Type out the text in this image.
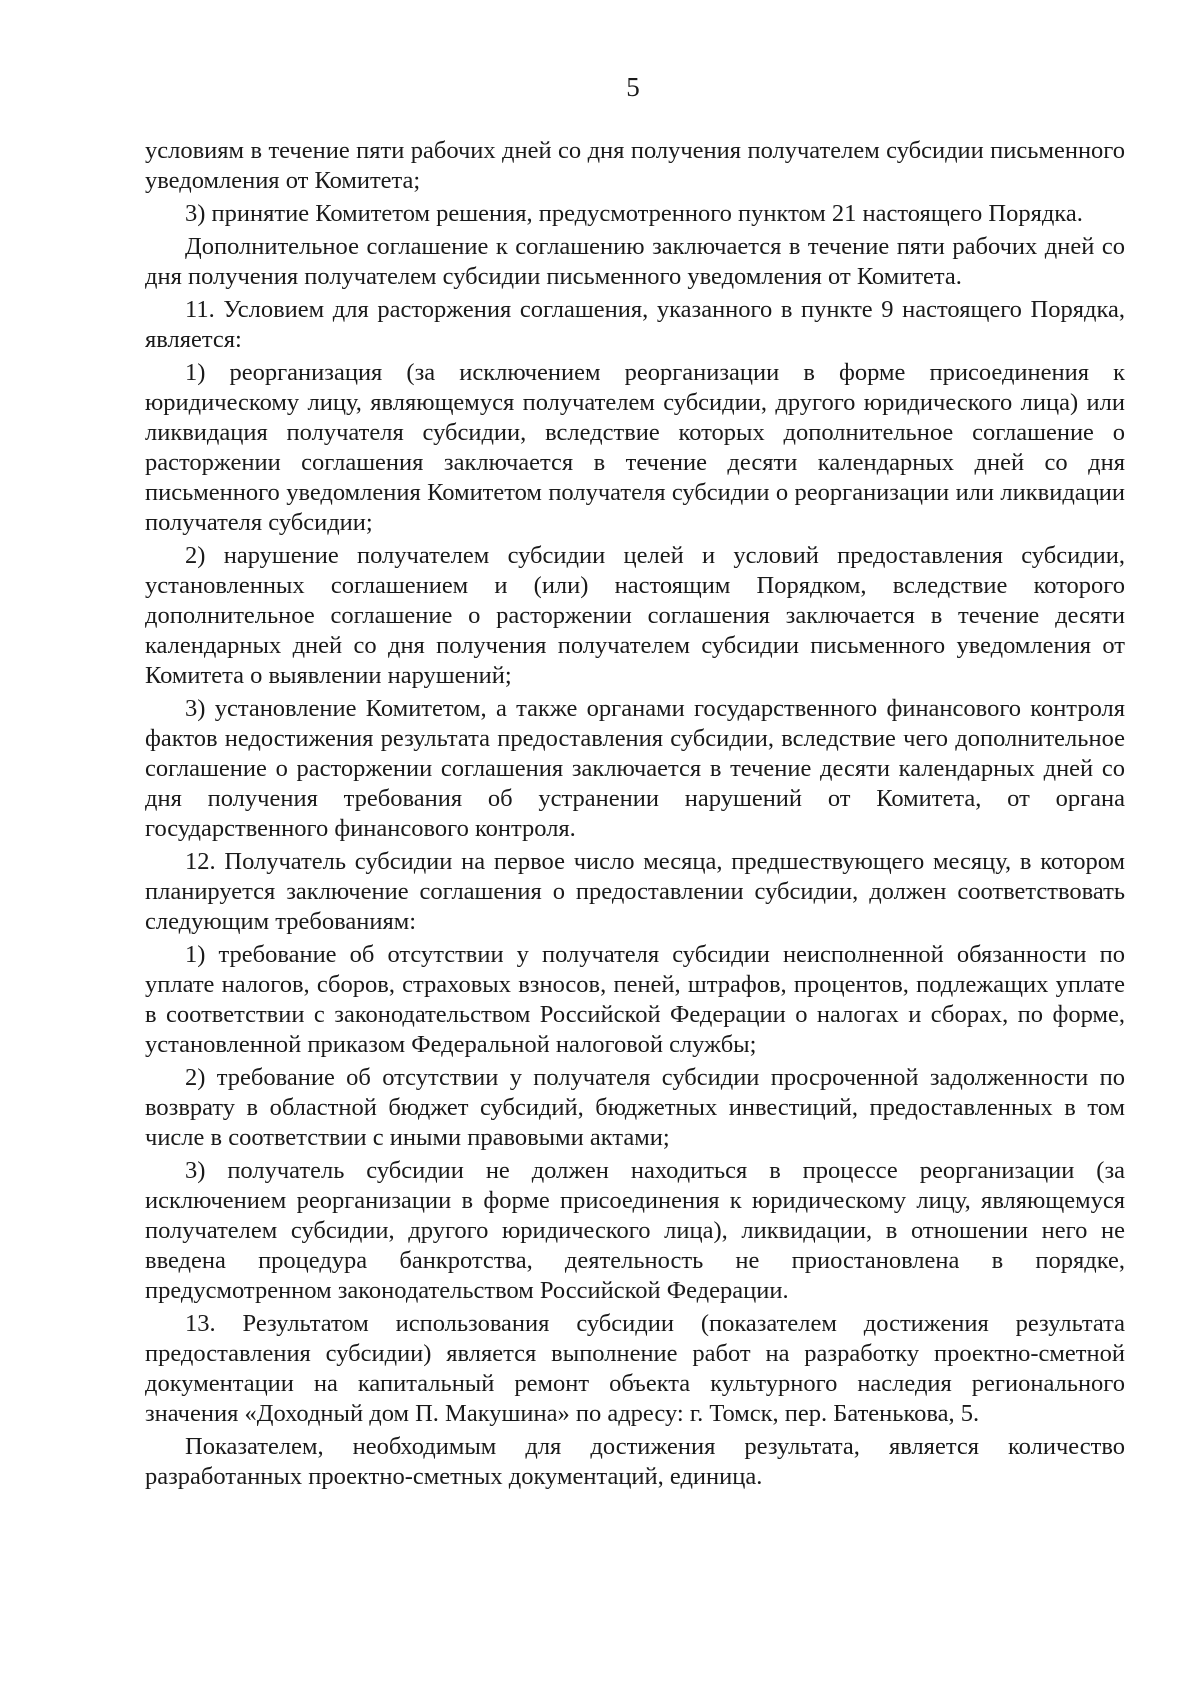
5

условиям в течение пяти рабочих дней со дня получения получателем субсидии письменного уведомления от Комитета;

3) принятие Комитетом решения, предусмотренного пунктом 21 настоящего Порядка.

Дополнительное соглашение к соглашению заключается в течение пяти рабочих дней со дня получения получателем субсидии письменного уведомления от Комитета.

11. Условием для расторжения соглашения, указанного в пункте 9 настоящего Порядка, является:

1) реорганизация (за исключением реорганизации в форме присоединения к юридическому лицу, являющемуся получателем субсидии, другого юридического лица) или ликвидация получателя субсидии, вследствие которых дополнительное соглашение о расторжении соглашения заключается в течение десяти календарных дней со дня письменного уведомления Комитетом получателя субсидии о реорганизации или ликвидации получателя субсидии;

2) нарушение получателем субсидии целей и условий предоставления субсидии, установленных соглашением и (или) настоящим Порядком, вследствие которого дополнительное соглашение о расторжении соглашения заключается в течение десяти календарных дней со дня получения получателем субсидии письменного уведомления от Комитета о выявлении нарушений;

3) установление Комитетом, а также органами государственного финансового контроля фактов недостижения результата предоставления субсидии, вследствие чего дополнительное соглашение о расторжении соглашения заключается в течение десяти календарных дней со дня получения требования об устранении нарушений от Комитета, от органа государственного финансового контроля.

12. Получатель субсидии на первое число месяца, предшествующего месяцу, в котором планируется заключение соглашения о предоставлении субсидии, должен соответствовать следующим требованиям:

1) требование об отсутствии у получателя субсидии неисполненной обязанности по уплате налогов, сборов, страховых взносов, пеней, штрафов, процентов, подлежащих уплате в соответствии с законодательством Российской Федерации о налогах и сборах, по форме, установленной приказом Федеральной налоговой службы;

2) требование об отсутствии у получателя субсидии просроченной задолженности по возврату в областной бюджет субсидий, бюджетных инвестиций, предоставленных в том числе в соответствии с иными правовыми актами;

3) получатель субсидии не должен находиться в процессе реорганизации (за исключением реорганизации в форме присоединения к юридическому лицу, являющемуся получателем субсидии, другого юридического лица), ликвидации, в отношении него не введена процедура банкротства, деятельность не приостановлена в порядке, предусмотренном законодательством Российской Федерации.

13. Результатом использования субсидии (показателем достижения результата предоставления субсидии) является выполнение работ на разработку проектно-сметной документации на капитальный ремонт объекта культурного наследия регионального значения «Доходный дом П. Макушина» по адресу: г. Томск, пер. Батенькова, 5.

Показателем, необходимым для достижения результата, является количество разработанных проектно-сметных документаций, единица.
